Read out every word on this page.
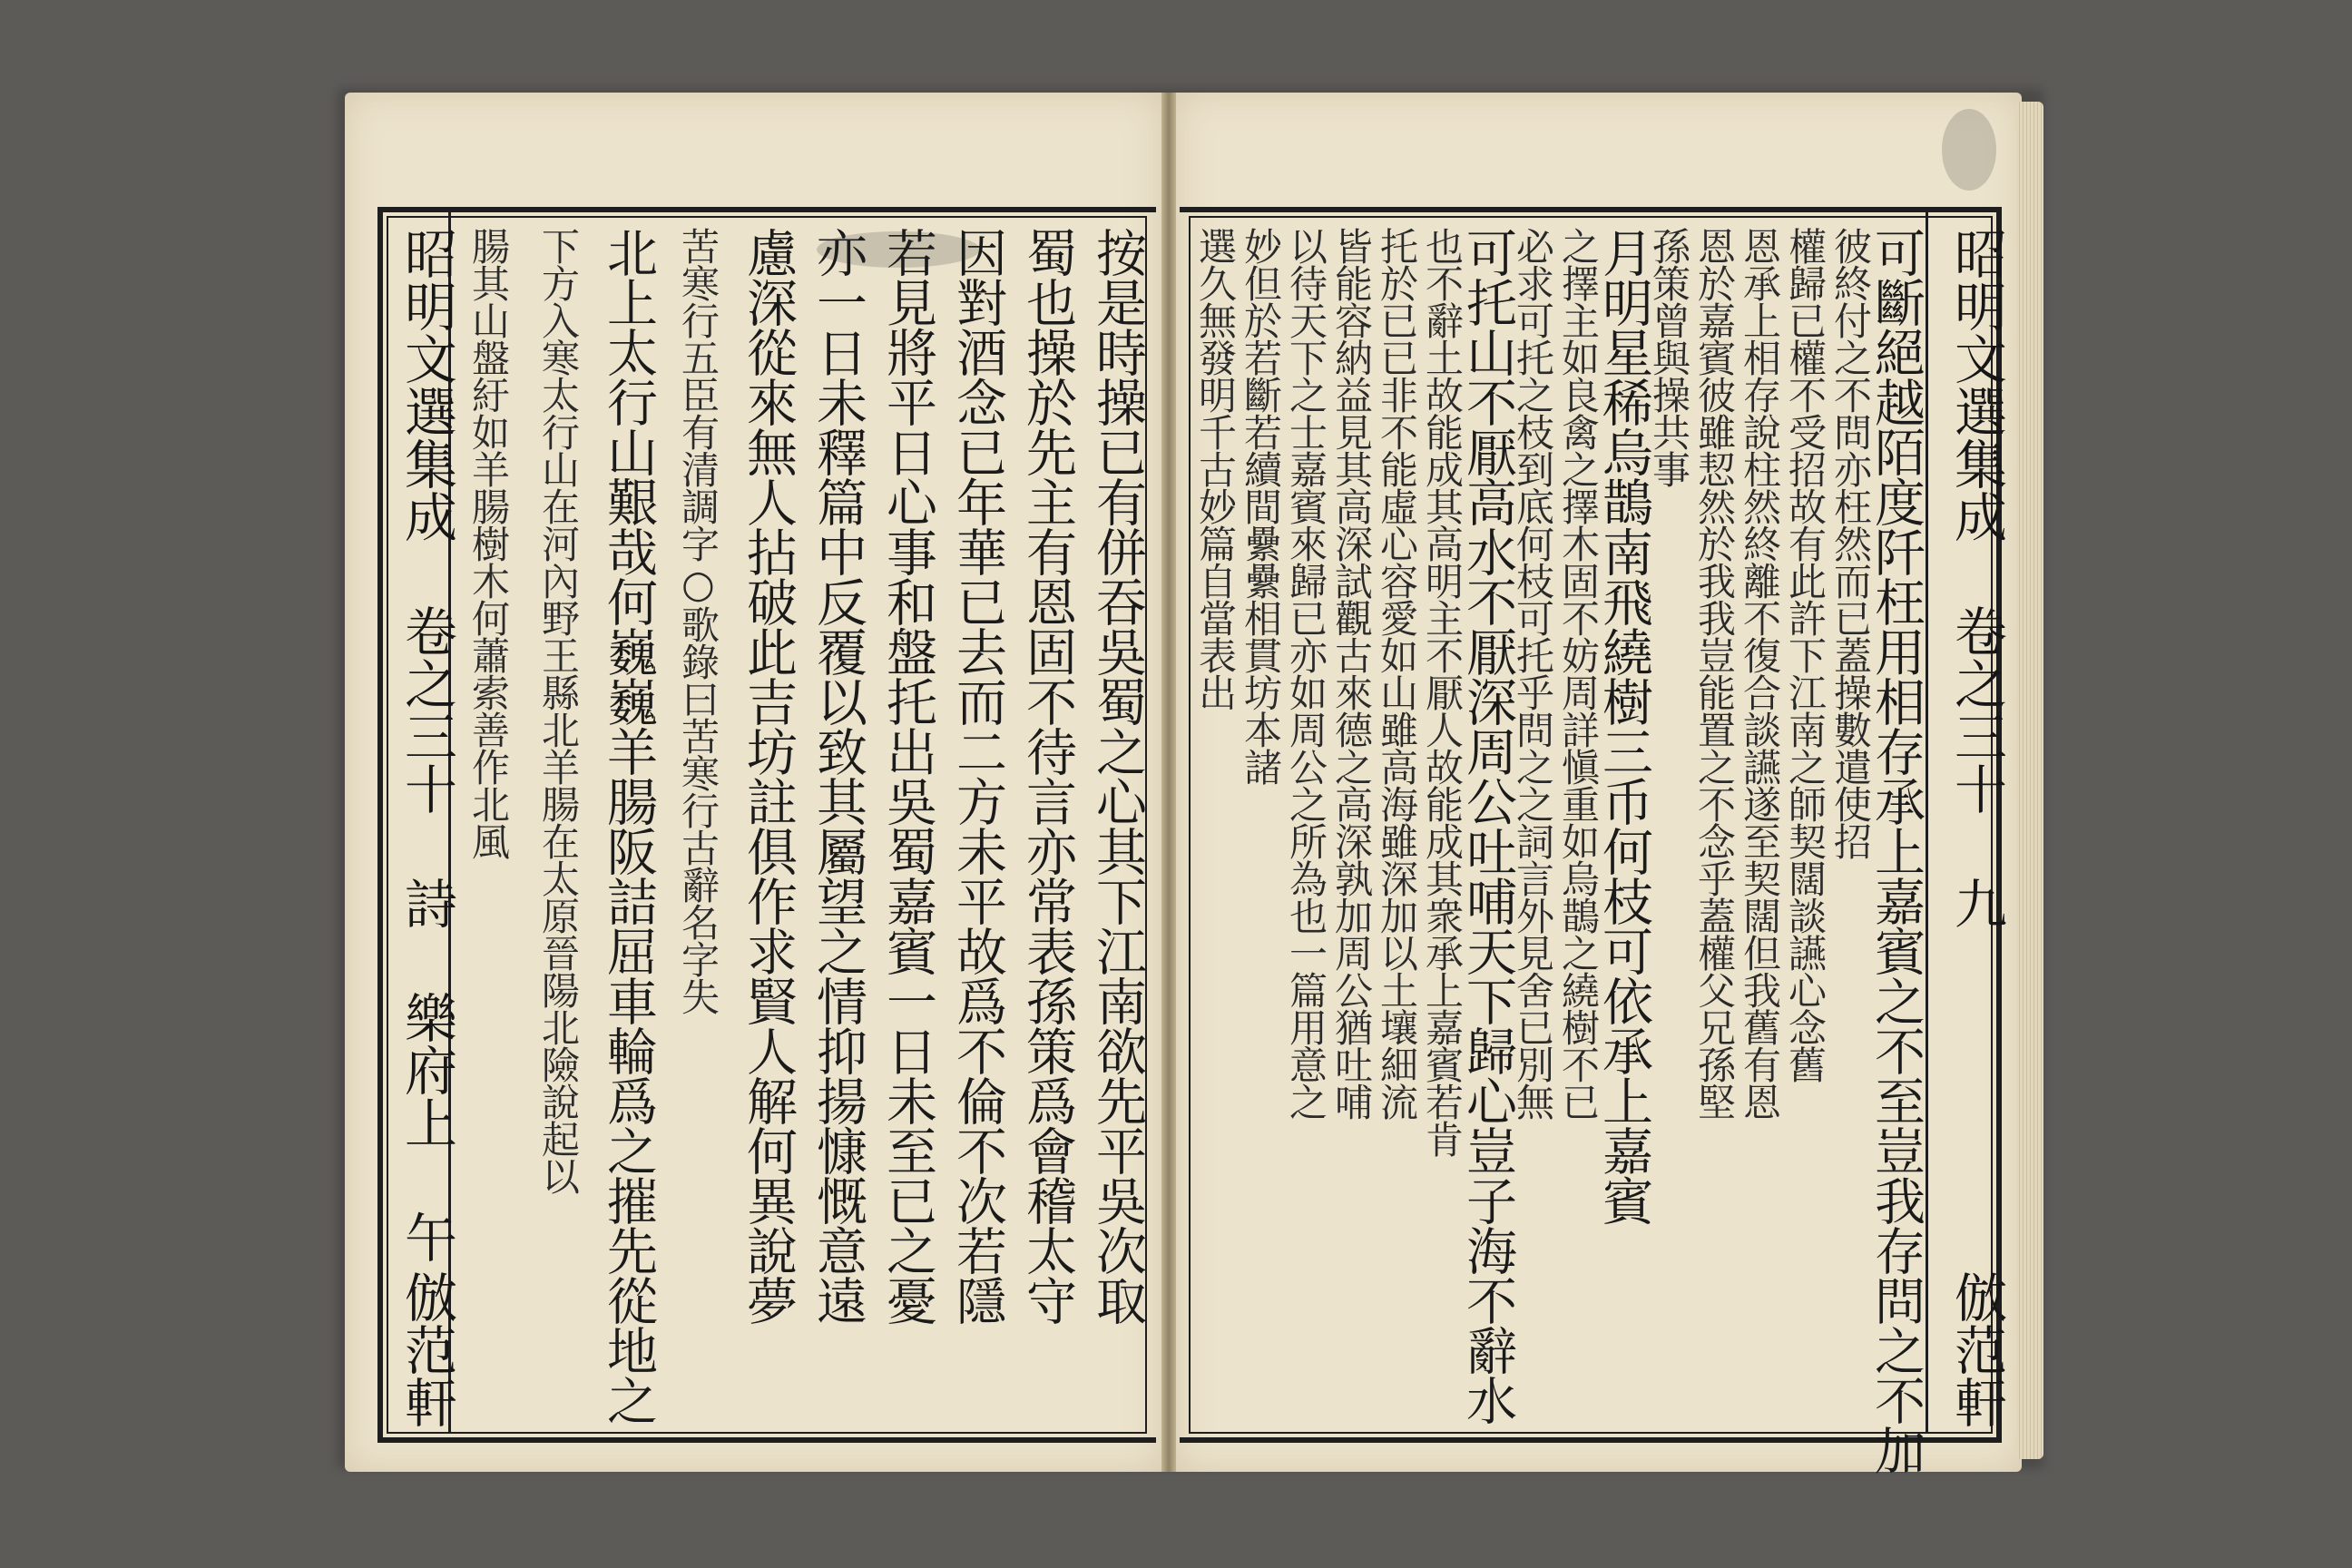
昭明文選集成 卷之三十 九
倣范軒
昭明文選集成 卷之三十 詩 樂府上 午
倣范軒	可斷絕越陌度阡枉用相存承上嘉賓之不至豈我存問之不加
彼終付之不問亦枉然而已蓋操數遣使招
權歸已權不受招故有此許下江南之師契闊談讌心念舊
恩承上相存說柱然終離不復合談讌遂至契闊但我舊有恩
恩於嘉賓彼雖恝然於我我豈能置之不念乎蓋權父兄孫堅
孫策曾與操共事
月明星稀烏鵲南飛繞樹三币何枝可依承上嘉賓
之擇主如良禽之擇木固不妨周詳愼重如烏鵲之繞樹不已
必求可托之枝到底何枝可托乎問之之詞言外見舍已別無
可托山不厭高水不厭深周公吐哺天下歸心豈子海不辭水
也不辭土故能成其高明主不厭人故能成其衆承上嘉賓若肯
托於已已非不能虛心容愛如山雖高海雖深加以土壤細流
皆能容納益見其高深試觀古來德之高深孰加周公猶吐哺
以待天下之士嘉賓來歸已亦如周公之所為也一篇用意之
妙但於若斷若續間纍纍相貫坊本諸
選久無發明千古妙篇自當表出
按是時操已有併吞吳蜀之心其下江南欲先平吳次取
蜀也操於先主有恩固不待言亦常表孫策爲會稽太守
因對酒念已年華已去而二方未平故爲不倫不次若隱
若見將平日心事和盤托出吳蜀嘉賓一日未至已之憂
亦一日未釋篇中反覆以致其屬望之情抑揚慷慨意遠
慮深從來無人拈破此吉坊註俱作求賢人解何異說夢
苦寒行五臣有清調字○歌錄曰苦寒行古辭名字失
北上太行山艱哉何巍巍羊腸阪詰屈車輪爲之摧先從地之
下方入寒太行山在河內野王縣北羊腸在太原晉陽北險說起以
腸其山盤紆如羊腸樹木何蕭索善作北風
